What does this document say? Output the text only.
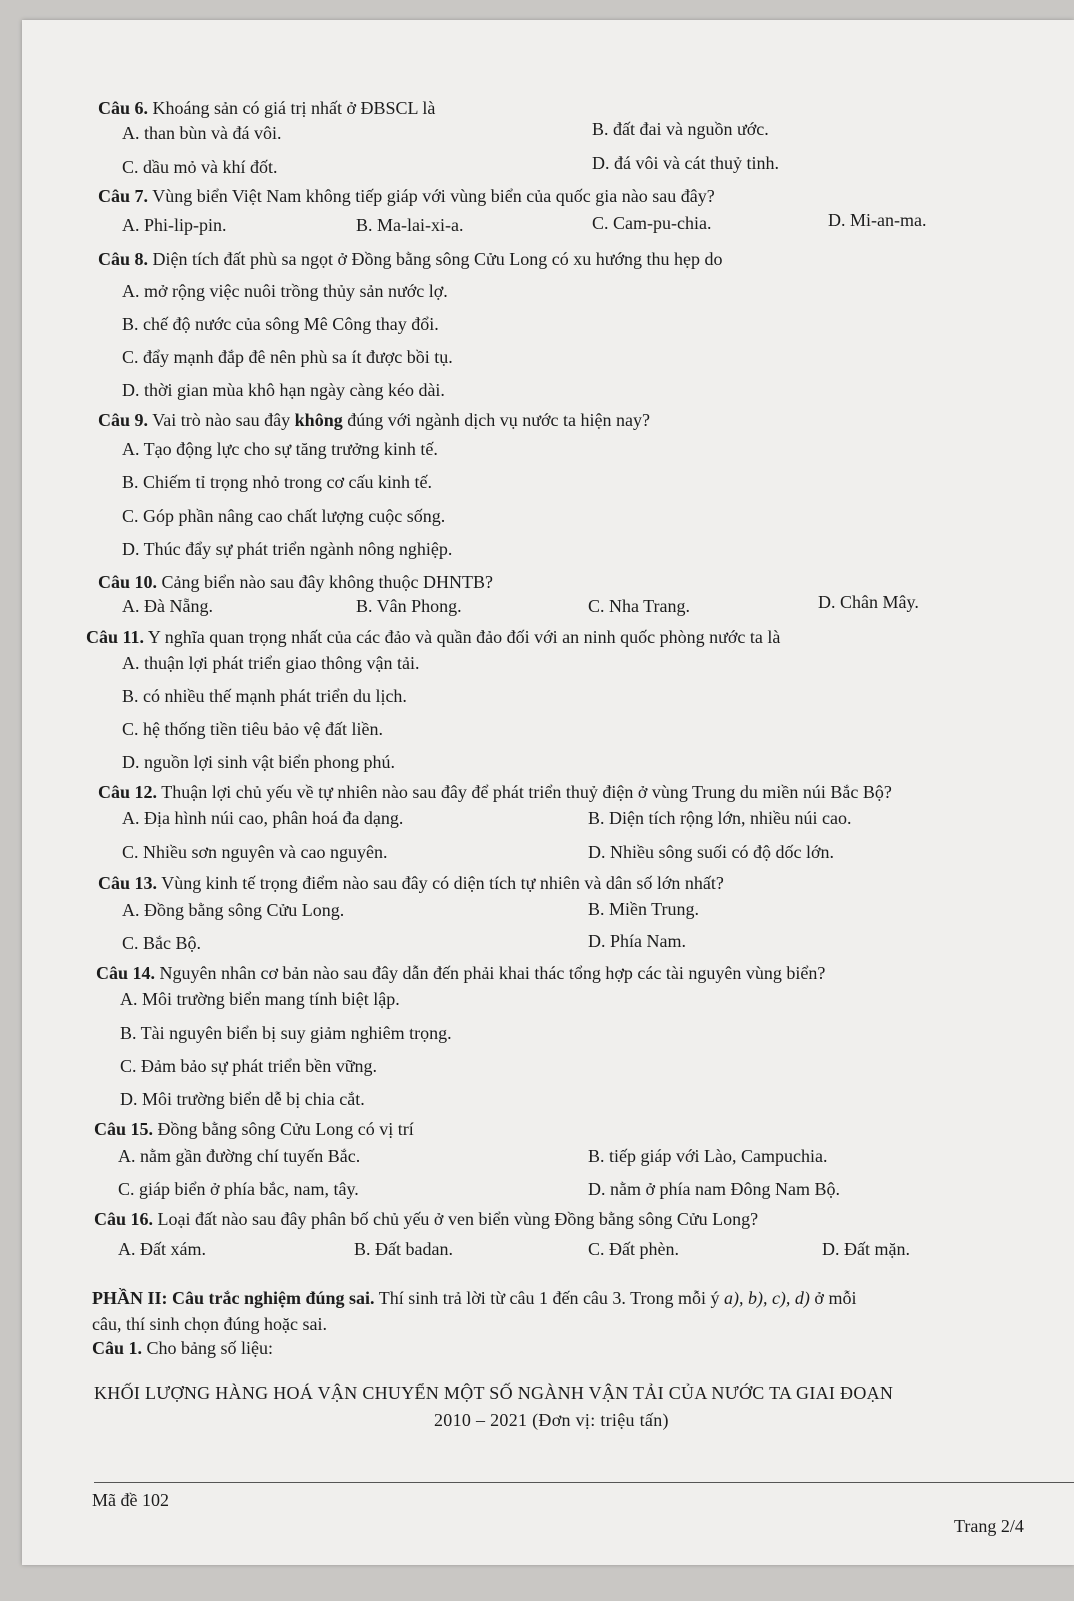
Câu 6. Khoáng sản có giá trị nhất ở ĐBSCL là
A. than bùn và đá vôi.	B. đất đai và nguồn ước.
C. dầu mỏ và khí đốt.	D. đá vôi và cát thuỷ tinh.
Câu 7. Vùng biển Việt Nam không tiếp giáp với vùng biển của quốc gia nào sau đây?
A. Phi-lip-pin.	B. Ma-lai-xi-a.	C. Cam-pu-chia.	D. Mi-an-ma.
Câu 8. Diện tích đất phù sa ngọt ở Đồng bằng sông Cửu Long có xu hướng thu hẹp do
A. mở rộng việc nuôi trồng thủy sản nước lợ.
B. chế độ nước của sông Mê Công thay đổi.
C. đẩy mạnh đắp đê nên phù sa ít được bồi tụ.
D. thời gian mùa khô hạn ngày càng kéo dài.
Câu 9. Vai trò nào sau đây không đúng với ngành dịch vụ nước ta hiện nay?
A. Tạo động lực cho sự tăng trưởng kinh tế.
B. Chiếm tỉ trọng nhỏ trong cơ cấu kinh tế.
C. Góp phần nâng cao chất lượng cuộc sống.
D. Thúc đẩy sự phát triển ngành nông nghiệp.
Câu 10. Cảng biển nào sau đây không thuộc DHNTB?
A. Đà Nẵng.	B. Vân Phong.	C. Nha Trang.	D. Chân Mây.
Câu 11. Y nghĩa quan trọng nhất của các đảo và quần đảo đối với an ninh quốc phòng nước ta là
A. thuận lợi phát triển giao thông vận tải.
B. có nhiều thế mạnh phát triển du lịch.
C. hệ thống tiền tiêu bảo vệ đất liền.
D. nguồn lợi sinh vật biển phong phú.
Câu 12. Thuận lợi chủ yếu về tự nhiên nào sau đây để phát triển thuỷ điện ở vùng Trung du miền núi Bắc Bộ?
A. Địa hình núi cao, phân hoá đa dạng.	B. Diện tích rộng lớn, nhiều núi cao.
C. Nhiều sơn nguyên và cao nguyên.	D. Nhiều sông suối có độ dốc lớn.
Câu 13. Vùng kinh tế trọng điểm nào sau đây có diện tích tự nhiên và dân số lớn nhất?
A. Đồng bằng sông Cửu Long.	B. Miền Trung.
C. Bắc Bộ.	D. Phía Nam.
Câu 14. Nguyên nhân cơ bản nào sau đây dẫn đến phải khai thác tổng hợp các tài nguyên vùng biển?
A. Môi trường biển mang tính biệt lập.
B. Tài nguyên biển bị suy giảm nghiêm trọng.
C. Đảm bảo sự phát triển bền vững.
D. Môi trường biển dễ bị chia cắt.
Câu 15. Đồng bằng sông Cửu Long có vị trí
A. nằm gần đường chí tuyến Bắc.	B. tiếp giáp với Lào, Campuchia.
C. giáp biển ở phía bắc, nam, tây.	D. nằm ở phía nam Đông Nam Bộ.
Câu 16. Loại đất nào sau đây phân bố chủ yếu ở ven biển vùng Đồng bằng sông Cửu Long?
A. Đất xám.	B. Đất badan.	C. Đất phèn.	D. Đất mặn.
PHẦN II: Câu trắc nghiệm đúng sai. Thí sinh trả lời từ câu 1 đến câu 3. Trong mỗi ý a), b), c), d) ở mỗi
câu, thí sinh chọn đúng hoặc sai.
Câu 1. Cho bảng số liệu:
KHỐI LƯỢNG HÀNG HOÁ VẬN CHUYỂN MỘT SỐ NGÀNH VẬN TẢI CỦA NƯỚC TA GIAI ĐOẠN
2010 – 2021 (Đơn vị: triệu tấn)
Mã đề 102
Trang 2/4
